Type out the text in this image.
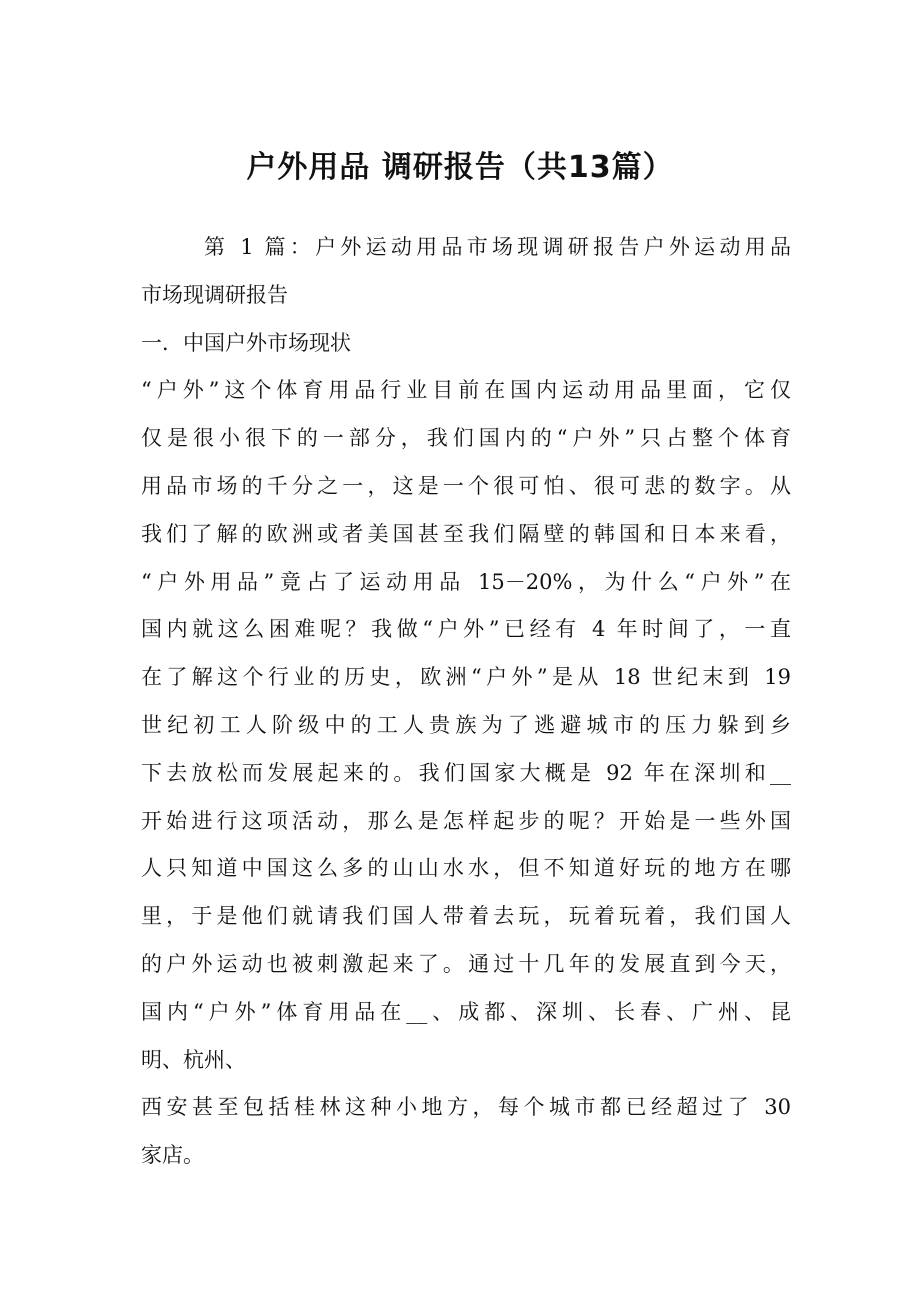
户外用品 调研报告（共13篇）
第 1 篇：户外运动用品市场现调研报告户外运动用品
市场现调研报告
一．中国户外市场现状
“户外”这个体育用品行业目前在国内运动用品里面，它仅
仅是很小很下的一部分，我们国内的“户外”只占整个体育
用品市场的千分之一，这是一个很可怕、很可悲的数字。从
我们了解的欧洲或者美国甚至我们隔壁的韩国和日本来看，
“户外用品”竟占了运动用品 15－20%，为什么“户外”在
国内就这么困难呢？我做“户外”已经有 4 年时间了，一直
在了解这个行业的历史，欧洲“户外”是从 18 世纪末到 19
世纪初工人阶级中的工人贵族为了逃避城市的压力躲到乡
下去放松而发展起来的。我们国家大概是 92 年在深圳和__
开始进行这项活动，那么是怎样起步的呢？开始是一些外国
人只知道中国这么多的山山水水，但不知道好玩的地方在哪
里，于是他们就请我们国人带着去玩，玩着玩着，我们国人
的户外运动也被刺激起来了。通过十几年的发展直到今天，
国内“户外”体育用品在__、成都、深圳、长春、广州、昆
明、杭州、
西安甚至包括桂林这种小地方，每个城市都已经超过了 30
家店。
